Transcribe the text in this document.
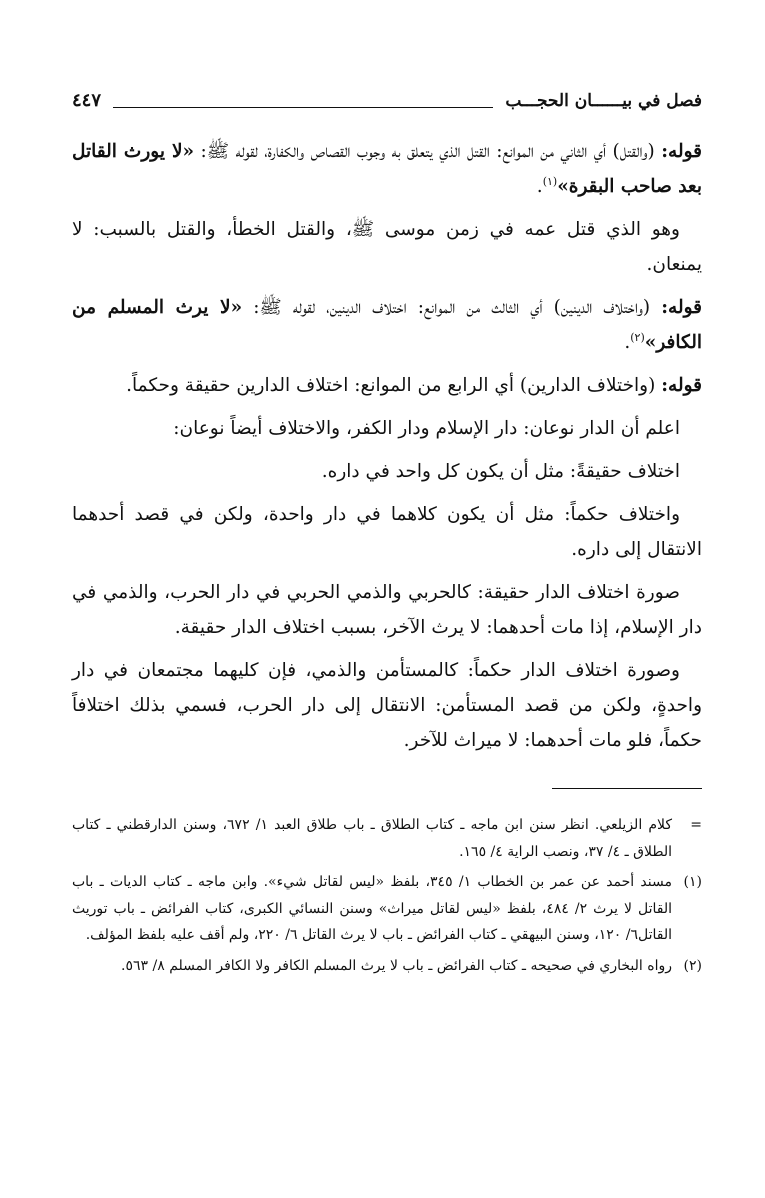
فصل في بيــــــان الحجـــب
٤٤٧

قوله: (والقتل) أي الثاني من الموانع: القتل الذي يتعلق به وجوب القصاص والكفارة، لقوله ﷺ: «لا يورث القاتل بعد صاحب البقرة»$^{(١)}$.

وهو الذي قتل عمه في زمن موسى ﷺ، والقتل الخطأ، والقتل بالسبب: لا يمنعان.

قوله: (واختلاف الدينين) أي الثالث من الموانع: اختلاف الدينين، لقوله ﷺ: «لا يرث المسلم من الكافر»$^{(٢)}$.

قوله: (واختلاف الدارين) أي الرابع من الموانع: اختلاف الدارين حقيقة وحكماً.

اعلم أن الدار نوعان: دار الإسلام ودار الكفر، والاختلاف أيضاً نوعان:

اختلاف حقيقةً: مثل أن يكون كل واحد في داره.

واختلاف حكماً: مثل أن يكون كلاهما في دار واحدة، ولكن في قصد أحدهما الانتقال إلى داره.

صورة اختلاف الدار حقيقة: كالحربي والذمي الحربي في دار الحرب، والذمي في دار الإسلام، إذا مات أحدهما: لا يرث الآخر، بسبب اختلاف الدار حقيقة.

وصورة اختلاف الدار حكماً: كالمستأمن والذمي، فإن كليهما مجتمعان في دار واحدةٍ، ولكن من قصد المستأمن: الانتقال إلى دار الحرب، فسمي بذلك اختلافاً حكماً، فلو مات أحدهما: لا ميراث للآخر.

=
كلام الزيلعي. انظر سنن ابن ماجه ـ كتاب الطلاق ـ باب طلاق العبد ١/ ٦٧٢، وسنن الدارقطني ـ كتاب الطلاق ـ ٤/ ٣٧، ونصب الراية ٤/ ١٦٥.
(١)
مسند أحمد عن عمر بن الخطاب ١/ ٣٤٥، بلفظ «ليس لقاتل شيء». وابن ماجه ـ كتاب الديات ـ باب القاتل لا يرث ٢/ ٤٨٤، بلفظ «ليس لقاتل ميراث» وسنن النسائي الكبرى، كتاب الفرائض ـ باب توريث القاتل٦/ ١٢٠، وسنن البيهقي ـ كتاب الفرائض ـ باب لا يرث القاتل ٦/ ٢٢٠، ولم أقف عليه بلفظ المؤلف.
(٢)
رواه البخاري في صحيحه ـ كتاب الفرائض ـ باب لا يرث المسلم الكافر ولا الكافر المسلم ٨/ ٥٦٣.
